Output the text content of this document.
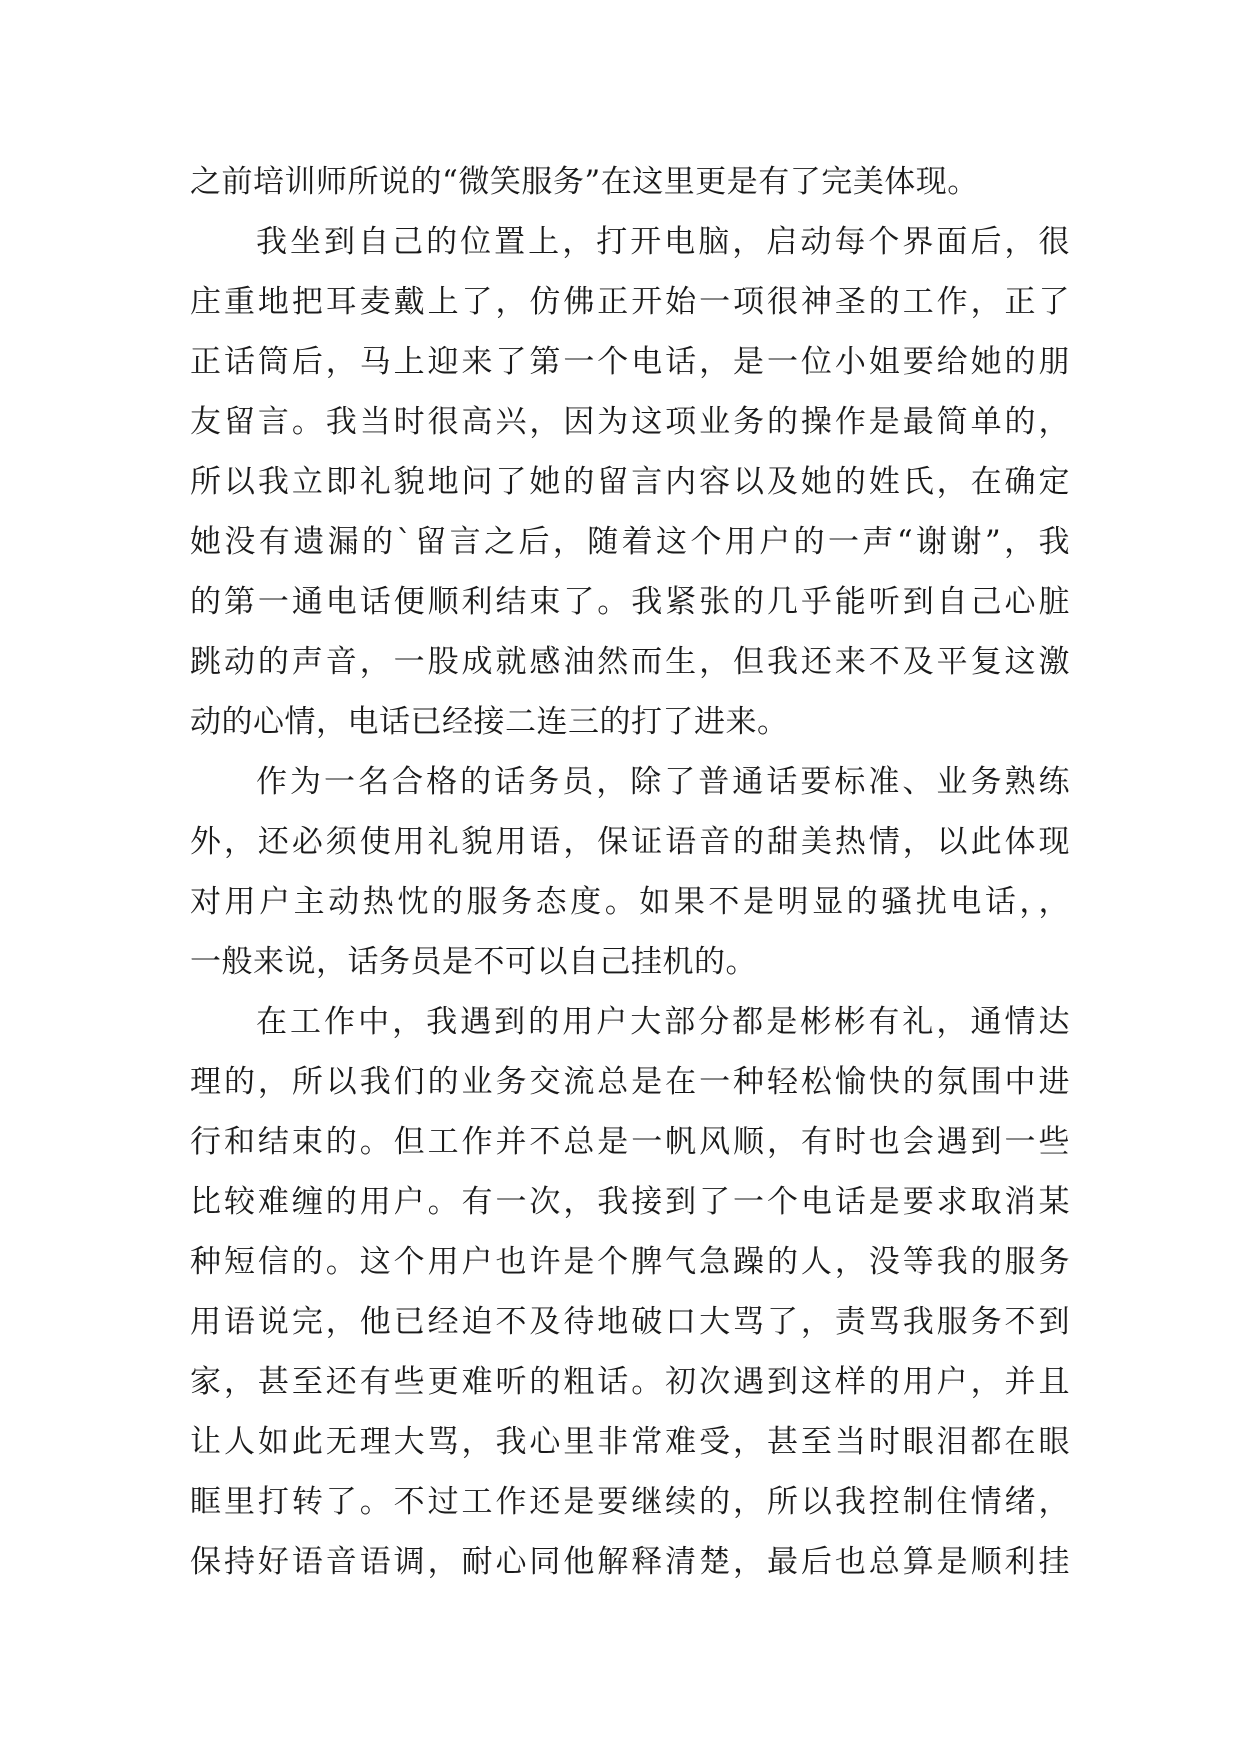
之前培训师所说的“微笑服务”在这里更是有了完美体现。
我坐到自己的位置上，打开电脑，启动每个界面后，很
庄重地把耳麦戴上了，仿佛正开始一项很神圣的工作，正了
正话筒后，马上迎来了第一个电话，是一位小姐要给她的朋
友留言。我当时很高兴，因为这项业务的操作是最简单的，
所以我立即礼貌地问了她的留言内容以及她的姓氏，在确定
她没有遗漏的`留言之后，随着这个用户的一声“谢谢”，我
的第一通电话便顺利结束了。我紧张的几乎能听到自己心脏
跳动的声音，一股成就感油然而生，但我还来不及平复这激
动的心情，电话已经接二连三的打了进来。
作为一名合格的话务员，除了普通话要标准、业务熟练
外，还必须使用礼貌用语，保证语音的甜美热情，以此体现
对用户主动热忱的服务态度。如果不是明显的骚扰电话，，
一般来说，话务员是不可以自己挂机的。
在工作中，我遇到的用户大部分都是彬彬有礼，通情达
理的，所以我们的业务交流总是在一种轻松愉快的氛围中进
行和结束的。但工作并不总是一帆风顺，有时也会遇到一些
比较难缠的用户。有一次，我接到了一个电话是要求取消某
种短信的。这个用户也许是个脾气急躁的人，没等我的服务
用语说完，他已经迫不及待地破口大骂了，责骂我服务不到
家，甚至还有些更难听的粗话。初次遇到这样的用户，并且
让人如此无理大骂，我心里非常难受，甚至当时眼泪都在眼
眶里打转了。不过工作还是要继续的，所以我控制住情绪，
保持好语音语调，耐心同他解释清楚，最后也总算是顺利挂
